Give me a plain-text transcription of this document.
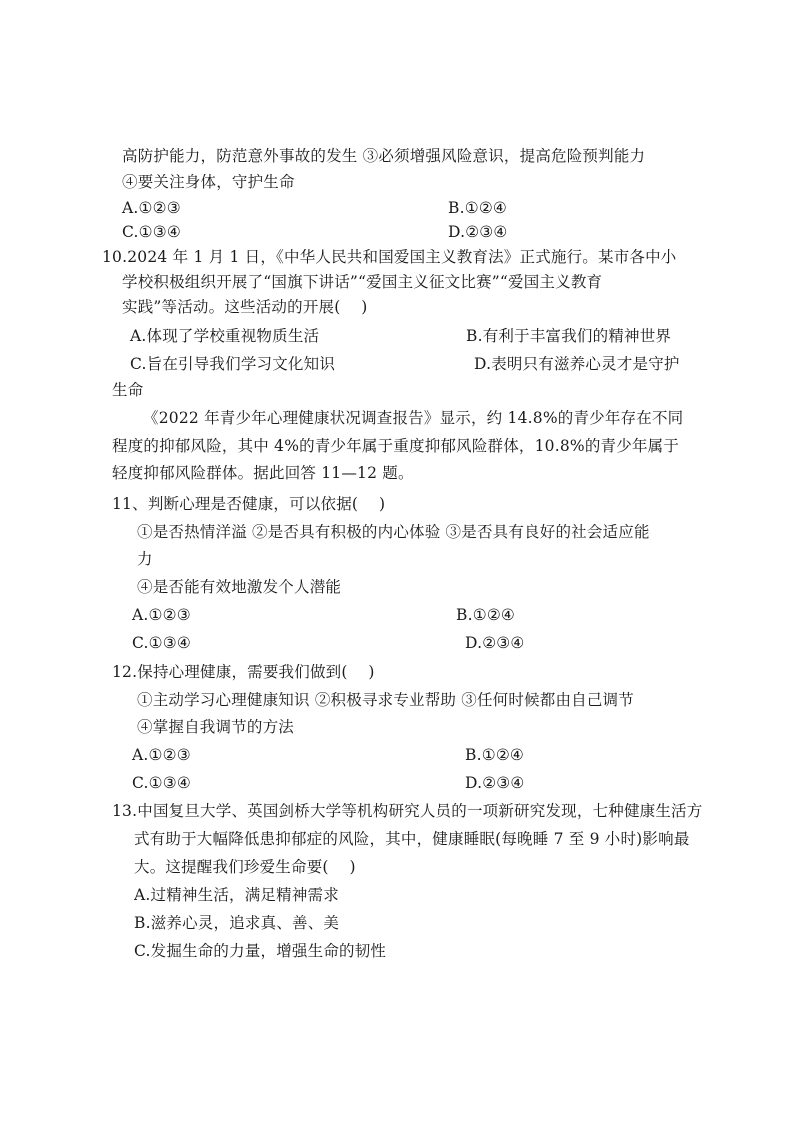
高防护能力，防范意外事故的发生 ③必须增强风险意识，提高危险预判能力
④要关注身体，守护生命
A.①②③	B.①②④
C.①③④	D.②③④
10.2024 年 1 月 1 日，《中华人民共和国爱国主义教育法》正式施行。某市各中小
学校积极组织开展了“国旗下讲话”“爱国主义征文比赛”“爱国主义教育
实践”等活动。这些活动的开展(　 )
A.体现了学校重视物质生活	B.有利于丰富我们的精神世界
C.旨在引导我们学习文化知识	D.表明只有滋养心灵才是守护
生命
《2022 年青少年心理健康状况调查报告》显示，约 14.8%的青少年存在不同
程度的抑郁风险，其中 4%的青少年属于重度抑郁风险群体，10.8%的青少年属于
轻度抑郁风险群体。据此回答 11—12 题。
11、判断心理是否健康，可以依据(　 )
①是否热情洋溢 ②是否具有积极的内心体验 ③是否具有良好的社会适应能
力
④是否能有效地激发个人潜能
A.①②③	B.①②④
C.①③④	D.②③④
12.保持心理健康，需要我们做到(　 )
①主动学习心理健康知识 ②积极寻求专业帮助 ③任何时候都由自己调节
④掌握自我调节的方法
A.①②③	B.①②④
C.①③④	D.②③④
13.中国复旦大学、英国剑桥大学等机构研究人员的一项新研究发现，七种健康生活方
式有助于大幅降低患抑郁症的风险，其中，健康睡眠(每晚睡 7 至 9 小时)影响最
大。这提醒我们珍爱生命要(　 )
A.过精神生活，满足精神需求
B.滋养心灵，追求真、善、美
C.发掘生命的力量，增强生命的韧性
